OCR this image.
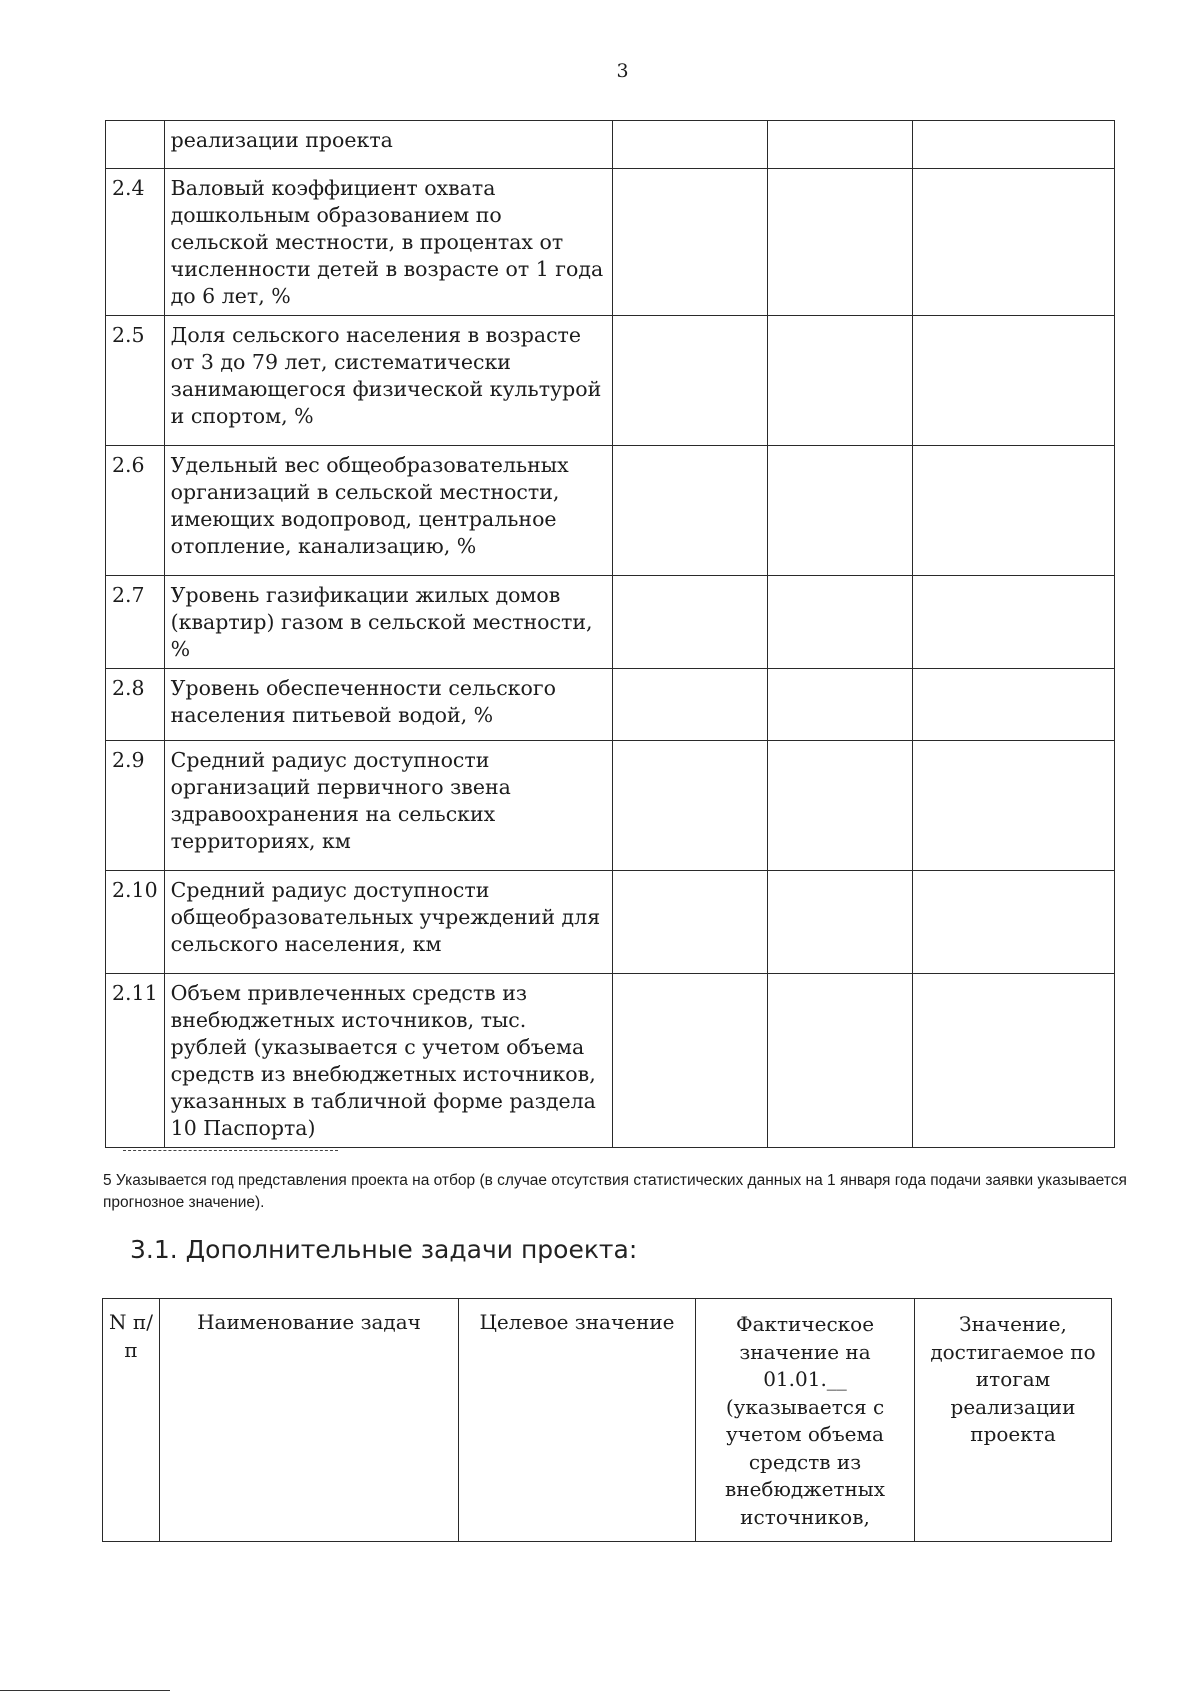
3
	реализации проекта			
2.4	Валовый коэффициент охвата дошкольным образованием по сельской местности, в процентах от численности детей в возрасте от 1 года до 6 лет, %			
2.5	Доля сельского населения в возрасте от 3 до 79 лет, систематически занимающегося физической культурой и спортом, %			
2.6	Удельный вес общеобразовательных организаций в сельской местности, имеющих водопровод, центральное отопление, канализацию, %			
2.7	Уровень газификации жилых домов (квартир) газом в сельской местности, %			
2.8	Уровень обеспеченности сельского населения питьевой водой, %			
2.9	Средний радиус доступности организаций первичного звена здравоохранения на сельских территориях, км			
2.10	Средний радиус доступности общеобразовательных учреждений для сельского населения, км			
2.11	Объем привлеченных средств из внебюджетных источников, тыс. рублей (указывается с учетом объема средств из внебюджетных источников, указанных в табличной форме раздела 10 Паспорта)			
5 Указывается год представления проекта на отбор (в случае отсутствия статистических данных на 1 января года подачи заявки указывается прогнозное значение).
3.1. Дополнительные задачи проекта:
N п/п	Наименование задач	Целевое значение	Фактическое значение на 01.01.__ (указывается с учетом объема средств из внебюджетных источников,	Значение, достигаемое по итогам реализации проекта
